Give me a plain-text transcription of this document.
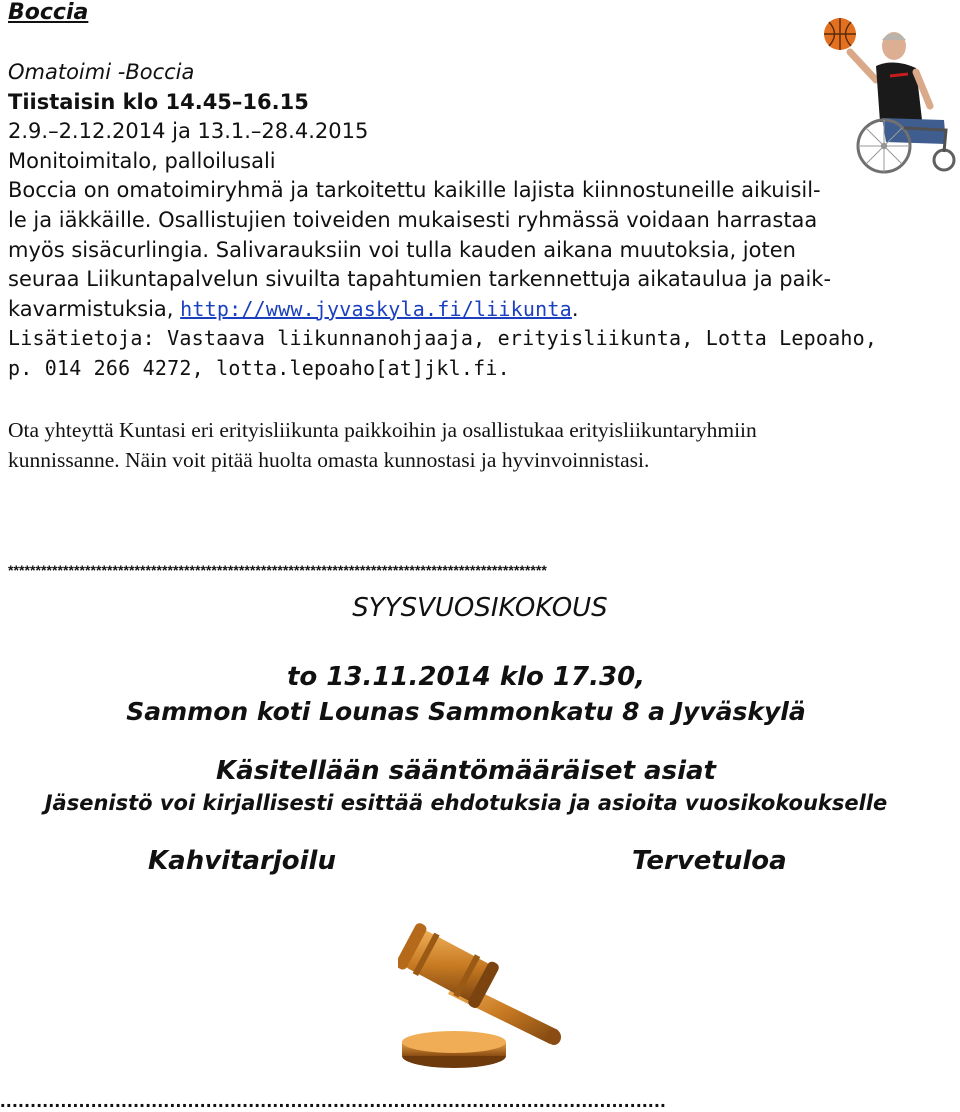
Boccia
Omatoimi -Boccia
Tiistaisin klo 14.45–16.15
2.9.–2.12.2014 ja 13.1.–28.4.2015
Monitoimitalo, palloilusali
Boccia on omatoimiryhmä ja tarkoitettu kaikille lajista kiinnostuneille aikuisil-
le ja iäkkäille. Osallistujien toiveiden mukaisesti ryhmässä voidaan harrastaa
myös sisäcurlingia. Salivarauksiin voi tulla kauden aikana muutoksia, joten
seuraa Liikuntapalvelun sivuilta tapahtumien tarkennettuja aikataulua ja paik-
kavarmistuksia, http://www.jyvaskyla.fi/liikunta.
Lisätietoja: Vastaava liikunnanohjaaja, erityisliikunta, Lotta Lepoaho,
p. 014 266 4272, lotta.lepoaho[at]jkl.fi.
Ota yhteyttä Kuntasi eri erityisliikunta paikkoihin ja osallistukaa erityisliikuntaryhmiin
kunnissanne. Näin voit pitää huolta omasta kunnostasi ja hyvinvoinnistasi.
**************************************************************************************************
SYYSVUOSIKOKOUS
to 13.11.2014 klo 17.30,
Sammon koti Lounas Sammonkatu 8 a Jyväskylä
Käsitellään sääntömääräiset asiat
Jäsenistö voi kirjallisesti esittää ehdotuksia ja asioita vuosikokoukselle
Kahvitarjoilu	Tervetuloa
..............................................................................................................
